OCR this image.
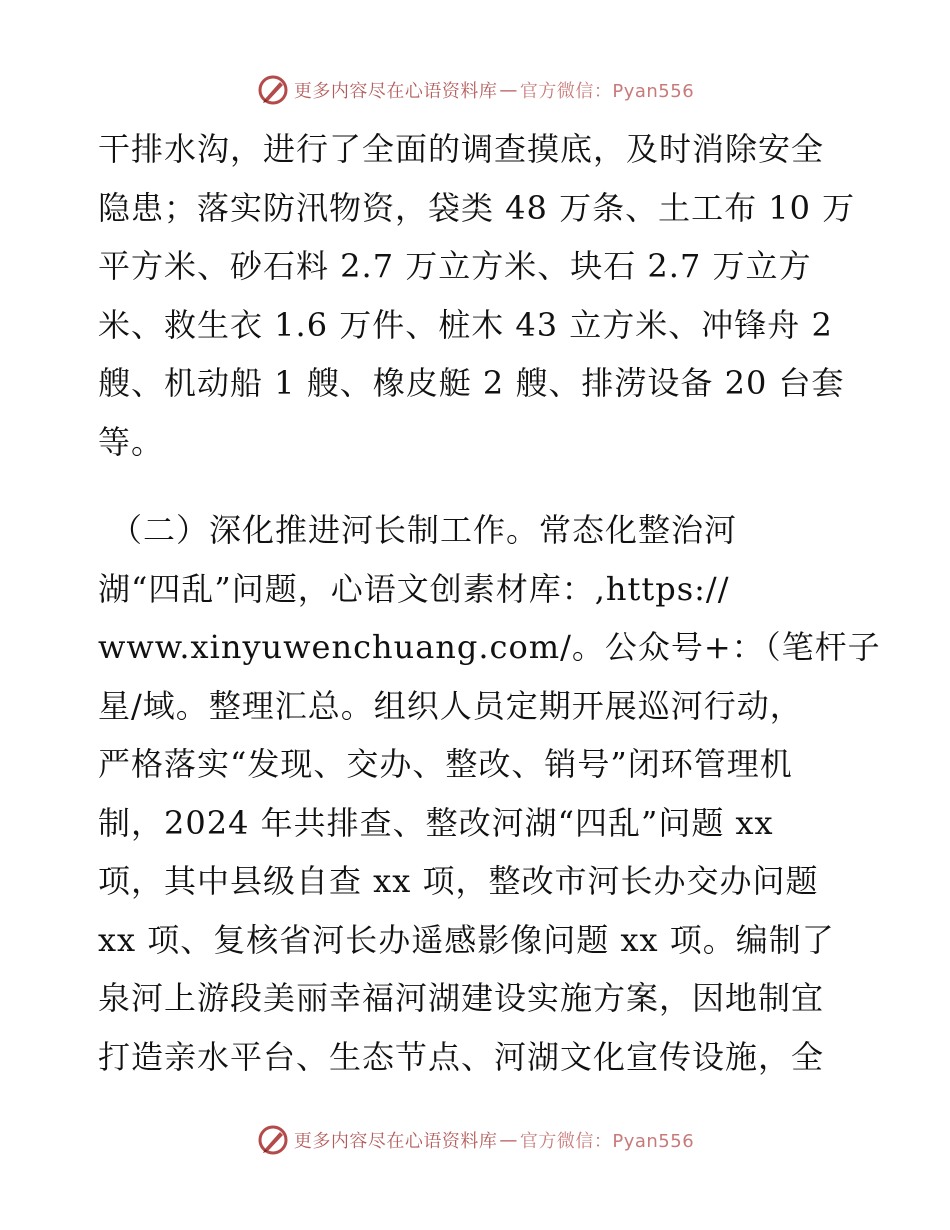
更多内容尽在心语资料库 — 官方微信：Pyan556
干排水沟，进行了全面的调查摸底，及时消除安全
隐患；落实防汛物资，袋类 48 万条、土工布 10 万
平方米、砂石料 2.7 万立方米、块石 2.7 万立方
米、救生衣 1.6 万件、桩木 43 立方米、冲锋舟 2
艘、机动船 1 艘、橡皮艇 2 艘、排涝设备 20 台套
等。
（二）深化推进河长制工作。常态化整治河
湖“四乱”问题，心语文创素材库：,https://
www.xinyuwenchuang.com/。公众号+：（笔杆子
星/域。整理汇总。组织人员定期开展巡河行动，
严格落实“发现、交办、整改、销号”闭环管理机
制，2024 年共排查、整改河湖“四乱”问题 xx
项，其中县级自查 xx 项，整改市河长办交办问题
xx 项、复核省河长办遥感影像问题 xx 项。编制了
泉河上游段美丽幸福河湖建设实施方案，因地制宜
打造亲水平台、生态节点、河湖文化宣传设施，全
更多内容尽在心语资料库 — 官方微信：Pyan556
